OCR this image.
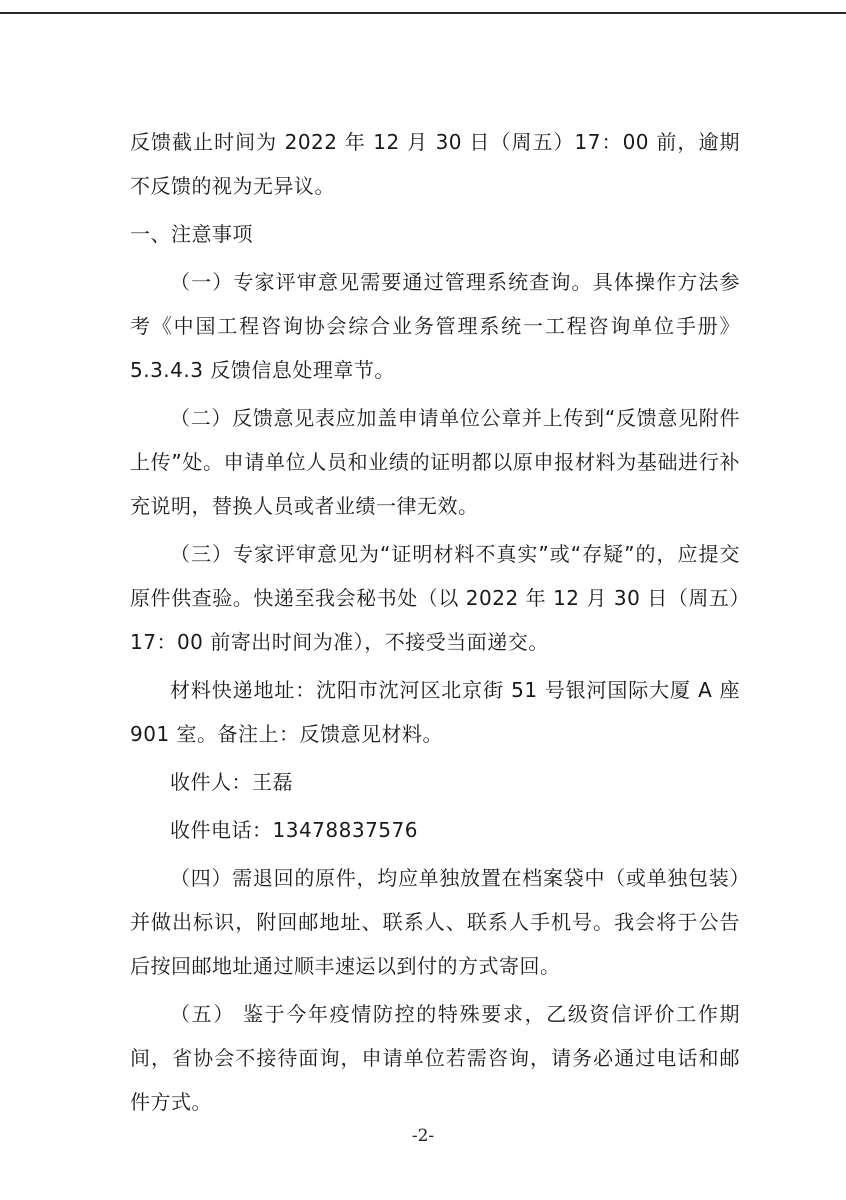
反馈截止时间为 2022 年 12 月 30 日（周五）17：00 前，逾期不反馈的视为无异议。

一、注意事项

（一）专家评审意见需要通过管理系统查询。具体操作方法参考《中国工程咨询协会综合业务管理系统一工程咨询单位手册》5.3.4.3 反馈信息处理章节。

（二）反馈意见表应加盖申请单位公章并上传到“反馈意见附件上传”处。申请单位人员和业绩的证明都以原申报材料为基础进行补充说明，替换人员或者业绩一律无效。

（三）专家评审意见为“证明材料不真实”或“存疑”的，应提交原件供查验。快递至我会秘书处（以 2022 年 12 月 30 日（周五）17：00 前寄出时间为准），不接受当面递交。

材料快递地址：沈阳市沈河区北京街 51 号银河国际大厦 A 座 901 室。备注上：反馈意见材料。

收件人：王磊

收件电话：13478837576

（四）需退回的原件，均应单独放置在档案袋中（或单独包装）并做出标识，附回邮地址、联系人、联系人手机号。我会将于公告后按回邮地址通过顺丰速运以到付的方式寄回。

（五） 鉴于今年疫情防控的特殊要求，乙级资信评价工作期间，省协会不接待面询，申请单位若需咨询，请务必通过电话和邮件方式。

-2-
